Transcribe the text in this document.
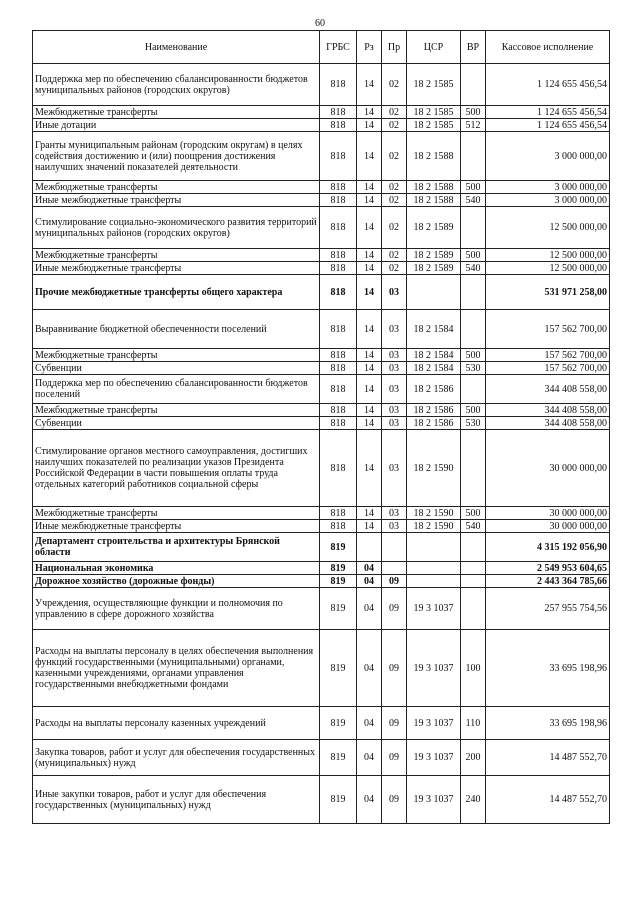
60
Наименование	ГРБС	Рз	Пр	ЦСР	ВР	Кассовое исполнение
Поддержка мер по обеспечению сбалансированности бюджетов муниципальных районов (городских округов)	818	14	02	18 2 1585		1 124 655 456,54
Межбюджетные трансферты	818	14	02	18 2 1585	500	1 124 655 456,54
Иные дотации	818	14	02	18 2 1585	512	1 124 655 456,54
Гранты муниципальным районам (городским округам) в целях содействия достижению и (или) поощрения достижения наилучших значений показателей деятельности	818	14	02	18 2 1588		3 000 000,00
Межбюджетные трансферты	818	14	02	18 2 1588	500	3 000 000,00
Иные межбюджетные трансферты	818	14	02	18 2 1588	540	3 000 000,00
Стимулирование социально-экономического развития территорий муниципальных районов (городских округов)	818	14	02	18 2 1589		12 500 000,00
Межбюджетные трансферты	818	14	02	18 2 1589	500	12 500 000,00
Иные межбюджетные трансферты	818	14	02	18 2 1589	540	12 500 000,00
Прочие межбюджетные трансферты общего характера	818	14	03			531 971 258,00
Выравнивание бюджетной обеспеченности поселений	818	14	03	18 2 1584		157 562 700,00
Межбюджетные трансферты	818	14	03	18 2 1584	500	157 562 700,00
Субвенции	818	14	03	18 2 1584	530	157 562 700,00
Поддержка мер по обеспечению сбалансированности бюджетов поселений	818	14	03	18 2 1586		344 408 558,00
Межбюджетные трансферты	818	14	03	18 2 1586	500	344 408 558,00
Субвенции	818	14	03	18 2 1586	530	344 408 558,00
Стимулирование органов местного самоуправления, достигших наилучших показателей по реализации указов Президента Российской Федерации в части повышения оплаты труда отдельных категорий работников социальной сферы	818	14	03	18 2 1590		30 000 000,00
Межбюджетные трансферты	818	14	03	18 2 1590	500	30 000 000,00
Иные межбюджетные трансферты	818	14	03	18 2 1590	540	30 000 000,00
Департамент строительства и архитектуры Брянской области	819					4 315 192 056,90
Национальная экономика	819	04				2 549 953 604,65
Дорожное хозяйство (дорожные фонды)	819	04	09			2 443 364 785,66
Учреждения, осуществляющие функции и полномочия по управлению в сфере дорожного хозяйства	819	04	09	19 3 1037		257 955 754,56
Расходы на выплаты персоналу в целях обеспечения выполнения функций государственными (муниципальными) органами, казенными учреждениями, органами управления государственными внебюджетными фондами	819	04	09	19 3 1037	100	33 695 198,96
Расходы на выплаты персоналу казенных учреждений	819	04	09	19 3 1037	110	33 695 198,96
Закупка товаров, работ и услуг для обеспечения государственных (муниципальных) нужд	819	04	09	19 3 1037	200	14 487 552,70
Иные закупки товаров, работ и услуг для обеспечения государственных (муниципальных) нужд	819	04	09	19 3 1037	240	14 487 552,70
